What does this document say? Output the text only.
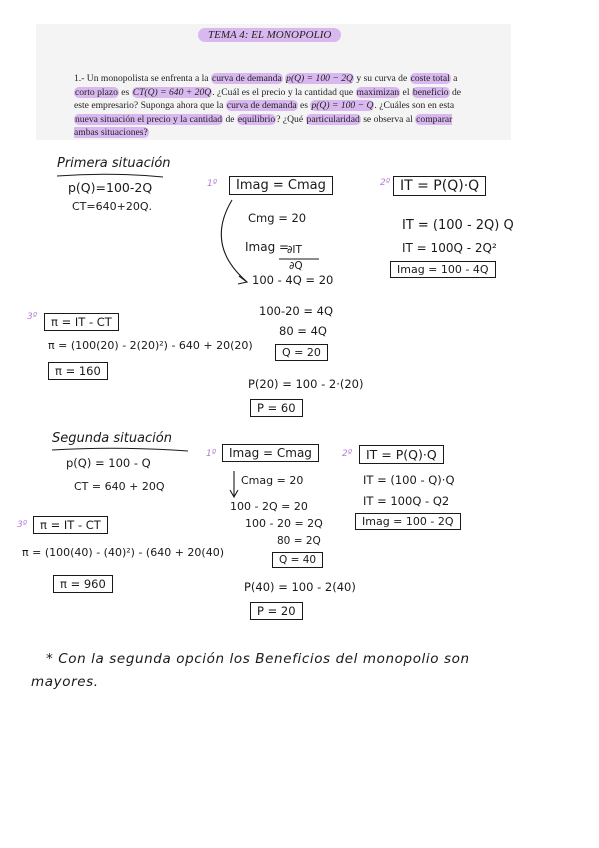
TEMA 4: EL MONOPOLIO
1.- Un monopolista se enfrenta a la curva de demanda p(Q) = 100 − 2Q y su curva de coste total a corto plazo es CT(Q) = 640 + 20Q. ¿Cuál es el precio y la cantidad que maximizan el beneficio de este empresario? Suponga ahora que la curva de demanda es p(Q) = 100 − Q. ¿Cuáles son en esta nueva situación el precio y la cantidad de equilibrio? ¿Qué particularidad se observa al comparar ambas situaciones?
Primera situación
p(Q)=100-2Q
CT=640+20Q.
1º	Imag = Cmag
Cmg = 20
Imag =
∂IT
∂Q
100 - 4Q = 20
2º IT = P(Q)·Q
IT = (100 - 2Q) Q
IT = 100Q - 2Q²
Imag = 100 - 4Q
100-20 = 4Q
80 = 4Q
Q = 20
3º	π = IT - CT
π = (100(20) - 2(20)²) - 640 + 20(20)
π = 160
P(20) = 100 - 2·(20)
P = 60
Segunda situación
p(Q) = 100 - Q
CT = 640 + 20Q
1º	Imag = Cmag
Cmag = 20
100 - 2Q = 20
100 - 20 = 2Q
80 = 2Q
Q = 40
2º	IT = P(Q)·Q
IT = (100 - Q)·Q
IT = 100Q - Q2
Imag = 100 - 2Q
3º	π = IT - CT
π = (100(40) - (40)²) - (640 + 20(40)
π = 960	P(40) = 100 - 2(40)
P = 20
* Con la segunda opción los Beneficios del monopolio son
mayores.
